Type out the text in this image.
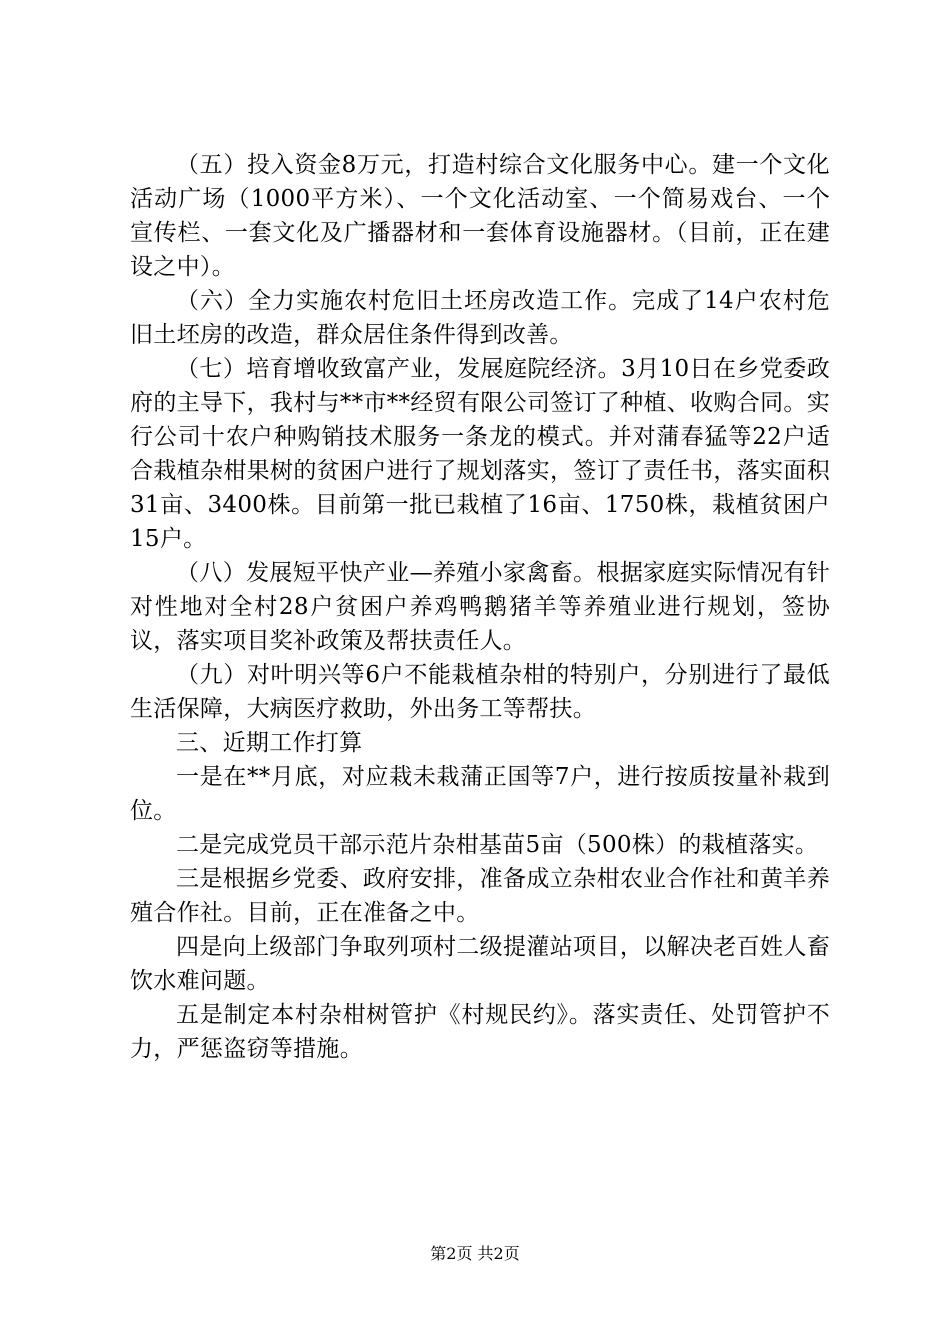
（五）投入资金8万元，打造村综合文化服务中心。建一个文化活动广场（1000平方米）、一个文化活动室、一个简易戏台、一个宣传栏、一套文化及广播器材和一套体育设施器材。（目前，正在建设之中）。

（六）全力实施农村危旧土坯房改造工作。完成了14户农村危旧土坯房的改造，群众居住条件得到改善。

（七）培育增收致富产业，发展庭院经济。3月10日在乡党委政府的主导下，我村与**市**经贸有限公司签订了种植、收购合同。实行公司十农户种购销技术服务一条龙的模式。并对蒲春猛等22户适合栽植杂柑果树的贫困户进行了规划落实，签订了责任书，落实面积31亩、3400株。目前第一批已栽植了16亩、1750株，栽植贫困户15户。

（八）发展短平快产业—养殖小家禽畜。根据家庭实际情况有针对性地对全村28户贫困户养鸡鸭鹅猪羊等养殖业进行规划，签协议，落实项目奖补政策及帮扶责任人。

（九）对叶明兴等6户不能栽植杂柑的特别户，分别进行了最低生活保障，大病医疗救助，外出务工等帮扶。

三、近期工作打算

一是在**月底，对应栽未栽蒲正国等7户，进行按质按量补栽到位。

二是完成党员干部示范片杂柑基苗5亩（500株）的栽植落实。

三是根据乡党委、政府安排，准备成立杂柑农业合作社和黄羊养殖合作社。目前，正在准备之中。

四是向上级部门争取列项村二级提灌站项目，以解决老百姓人畜饮水难问题。

五是制定本村杂柑树管护《村规民约》。落实责任、处罚管护不力，严惩盗窃等措施。

第2页 共2页
